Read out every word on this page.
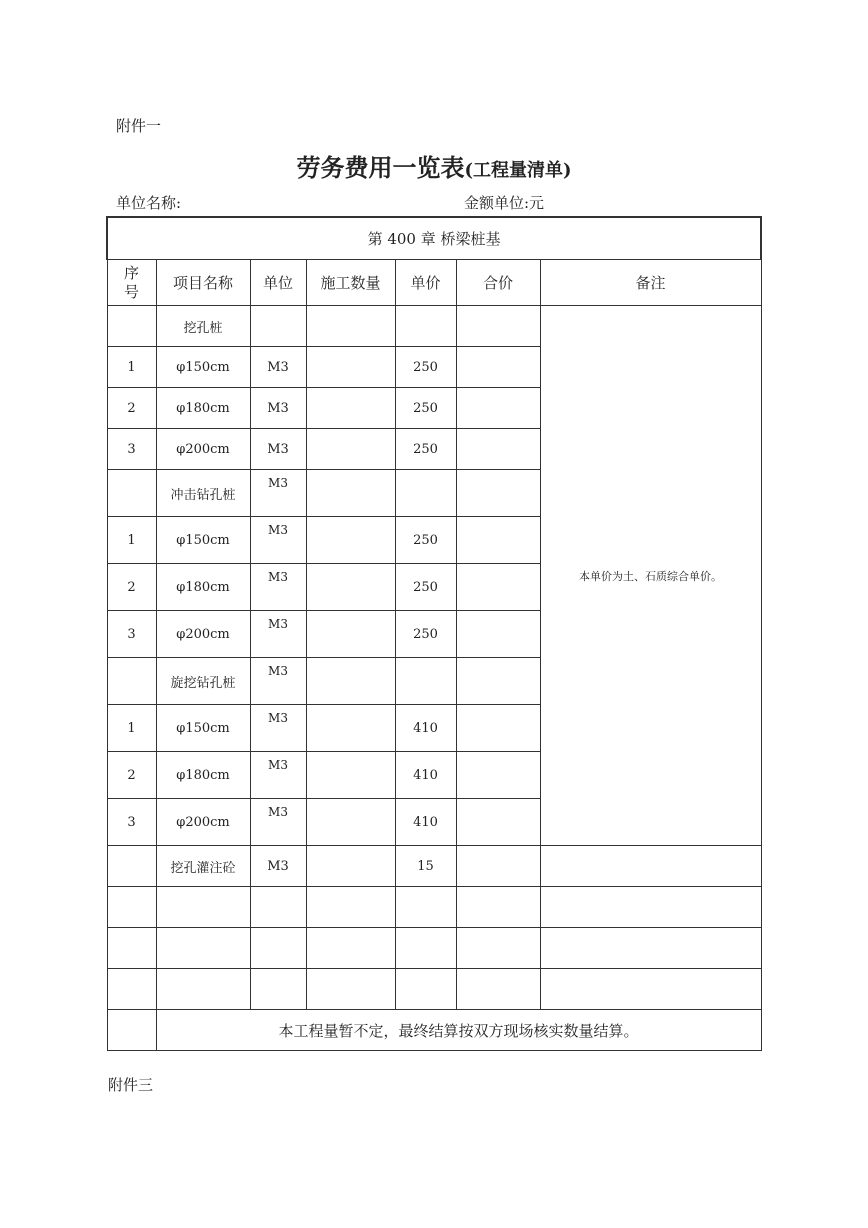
附件一
劳务费用一览表(工程量清单)
单位名称:	金额单位:元
第 400 章 桥梁桩基						
序
号	项目名称	单位	施工数量	单价	合价	备注
	挖孔桩					本单价为土、石质综合单价。
1	φ150cm	M3		250		
2	φ180cm	M3		250		
3	φ200cm	M3		250		
	冲击钻孔桩	M3				
1	φ150cm	M3		250		
2	φ180cm	M3		250		
3	φ200cm	M3		250		
	旋挖钻孔桩	M3				
1	φ150cm	M3		410		
2	φ180cm	M3		410		
3	φ200cm	M3		410		
	挖孔灌注砼	M3		15		

	本工程量暂不定，最终结算按双方现场核实数量结算。					
附件三
